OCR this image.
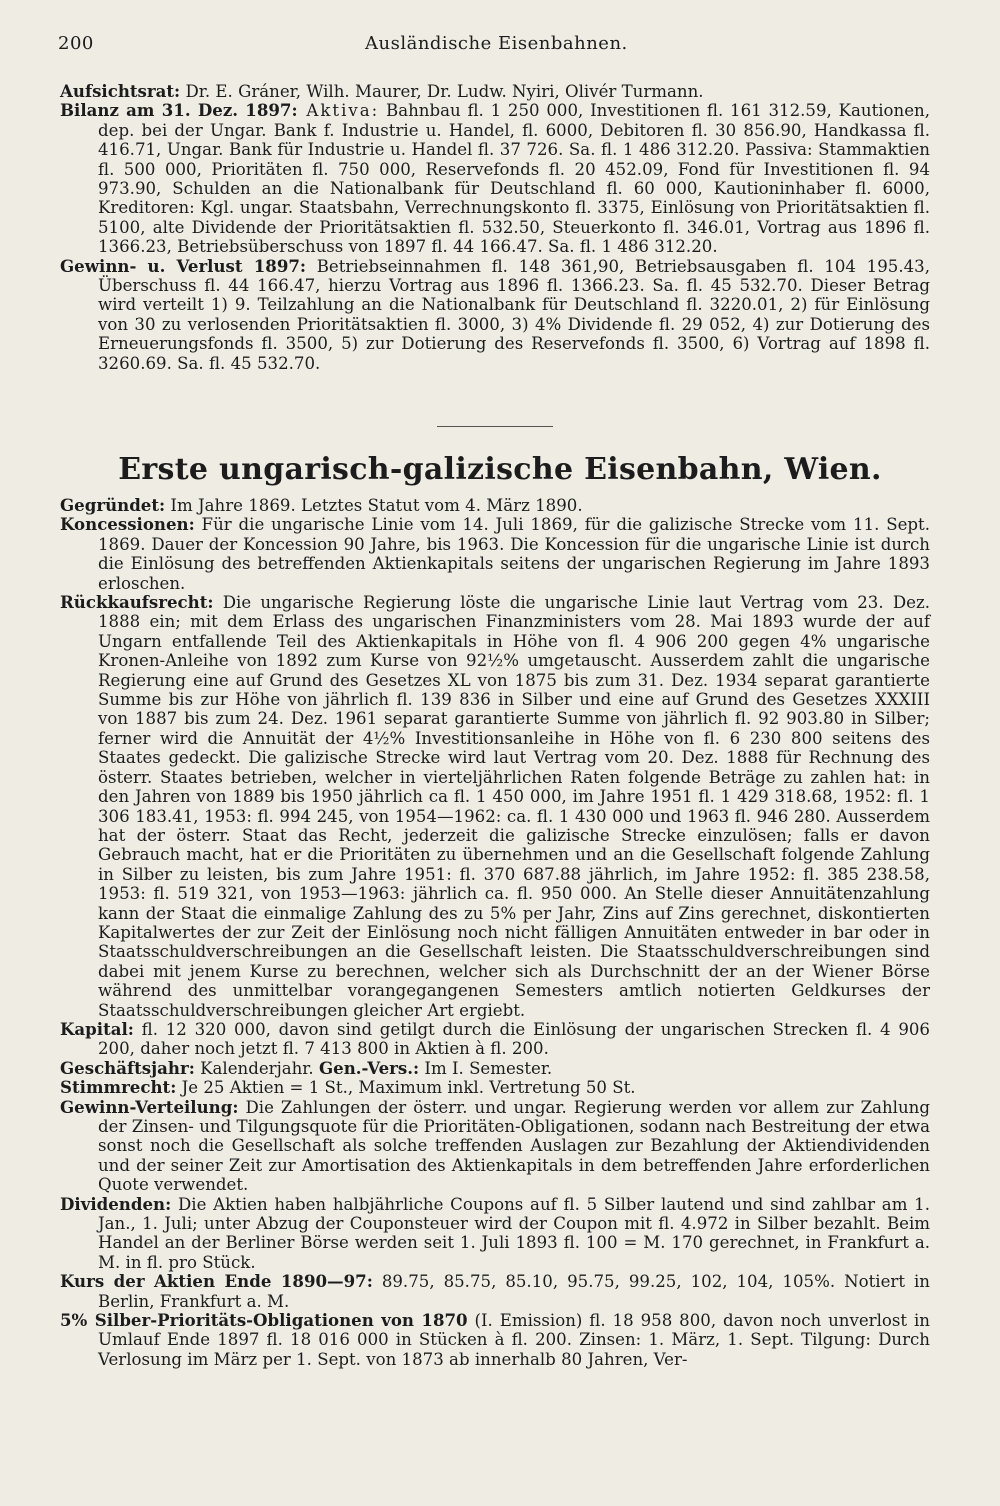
200	Ausländische Eisenbahnen.

Aufsichtsrat: Dr. E. Gráner, Wilh. Maurer, Dr. Ludw. Nyiri, Olivér Turmann.

Bilanz am 31. Dez. 1897: Aktiva: Bahnbau fl. 1 250 000, Investitionen fl. 161 312.59, Kautionen, dep. bei der Ungar. Bank f. Industrie u. Handel, fl. 6000, Debitoren fl. 30 856.90, Handkassa fl. 416.71, Ungar. Bank für Industrie u. Handel fl. 37 726. Sa. fl. 1 486 312.20. Passiva: Stammaktien fl. 500 000, Prioritäten fl. 750 000, Reservefonds fl. 20 452.09, Fond für Investitionen fl. 94 973.90, Schulden an die Nationalbank für Deutschland fl. 60 000, Kautioninhaber fl. 6000, Kreditoren: Kgl. ungar. Staatsbahn, Verrechnungskonto fl. 3375, Einlösung von Prioritätsaktien fl. 5100, alte Dividende der Prioritätsaktien fl. 532.50, Steuerkonto fl. 346.01, Vortrag aus 1896 fl. 1366.23, Betriebsüberschuss von 1897 fl. 44 166.47. Sa. fl. 1 486 312.20.

Gewinn- u. Verlust 1897: Betriebseinnahmen fl. 148 361,90, Betriebsausgaben fl. 104 195.43, Überschuss fl. 44 166.47, hierzu Vortrag aus 1896 fl. 1366.23. Sa. fl. 45 532.70. Dieser Betrag wird verteilt 1) 9. Teilzahlung an die Nationalbank für Deutschland fl. 3220.01, 2) für Einlösung von 30 zu verlosenden Prioritätsaktien fl. 3000, 3) 4% Dividende fl. 29 052, 4) zur Dotierung des Erneuerungsfonds fl. 3500, 5) zur Dotierung des Reservefonds fl. 3500, 6) Vortrag auf 1898 fl. 3260.69. Sa. fl. 45 532.70.

Erste ungarisch-galizische Eisenbahn, Wien.

Gegründet: Im Jahre 1869. Letztes Statut vom 4. März 1890.

Koncessionen: Für die ungarische Linie vom 14. Juli 1869, für die galizische Strecke vom 11. Sept. 1869. Dauer der Koncession 90 Jahre, bis 1963. Die Koncession für die ungarische Linie ist durch die Einlösung des betreffenden Aktienkapitals seitens der ungarischen Regierung im Jahre 1893 erloschen.

Rückkaufsrecht: Die ungarische Regierung löste die ungarische Linie laut Vertrag vom 23. Dez. 1888 ein; mit dem Erlass des ungarischen Finanzministers vom 28. Mai 1893 wurde der auf Ungarn entfallende Teil des Aktienkapitals in Höhe von fl. 4 906 200 gegen 4% ungarische Kronen-Anleihe von 1892 zum Kurse von 92½% umgetauscht. Ausserdem zahlt die ungarische Regierung eine auf Grund des Gesetzes XL von 1875 bis zum 31. Dez. 1934 separat garantierte Summe bis zur Höhe von jährlich fl. 139 836 in Silber und eine auf Grund des Gesetzes XXXIII von 1887 bis zum 24. Dez. 1961 separat garantierte Summe von jährlich fl. 92 903.80 in Silber; ferner wird die Annuität der 4½% Investitionsanleihe in Höhe von fl. 6 230 800 seitens des Staates gedeckt. Die galizische Strecke wird laut Vertrag vom 20. Dez. 1888 für Rechnung des österr. Staates betrieben, welcher in vierteljährlichen Raten folgende Beträge zu zahlen hat: in den Jahren von 1889 bis 1950 jährlich ca fl. 1 450 000, im Jahre 1951 fl. 1 429 318.68, 1952: fl. 1 306 183.41, 1953: fl. 994 245, von 1954—1962: ca. fl. 1 430 000 und 1963 fl. 946 280. Ausserdem hat der österr. Staat das Recht, jederzeit die galizische Strecke einzulösen; falls er davon Gebrauch macht, hat er die Prioritäten zu übernehmen und an die Gesellschaft folgende Zahlung in Silber zu leisten, bis zum Jahre 1951: fl. 370 687.88 jährlich, im Jahre 1952: fl. 385 238.58, 1953: fl. 519 321, von 1953—1963: jährlich ca. fl. 950 000. An Stelle dieser Annuitätenzahlung kann der Staat die einmalige Zahlung des zu 5% per Jahr, Zins auf Zins gerechnet, diskontierten Kapitalwertes der zur Zeit der Einlösung noch nicht fälligen Annuitäten entweder in bar oder in Staatsschuldverschreibungen an die Gesellschaft leisten. Die Staatsschuldverschreibungen sind dabei mit jenem Kurse zu berechnen, welcher sich als Durchschnitt der an der Wiener Börse während des unmittelbar vorangegangenen Semesters amtlich notierten Geldkurses der Staatsschuldverschreibungen gleicher Art ergiebt.

Kapital: fl. 12 320 000, davon sind getilgt durch die Einlösung der ungarischen Strecken fl. 4 906 200, daher noch jetzt fl. 7 413 800 in Aktien à fl. 200.

Geschäftsjahr: Kalenderjahr. Gen.-Vers.: Im I. Semester.

Stimmrecht: Je 25 Aktien = 1 St., Maximum inkl. Vertretung 50 St.

Gewinn-Verteilung: Die Zahlungen der österr. und ungar. Regierung werden vor allem zur Zahlung der Zinsen- und Tilgungsquote für die Prioritäten-Obligationen, sodann nach Bestreitung der etwa sonst noch die Gesellschaft als solche treffenden Auslagen zur Bezahlung der Aktiendividenden und der seiner Zeit zur Amortisation des Aktienkapitals in dem betreffenden Jahre erforderlichen Quote verwendet.

Dividenden: Die Aktien haben halbjährliche Coupons auf fl. 5 Silber lautend und sind zahlbar am 1. Jan., 1. Juli; unter Abzug der Couponsteuer wird der Coupon mit fl. 4.972 in Silber bezahlt. Beim Handel an der Berliner Börse werden seit 1. Juli 1893 fl. 100 = M. 170 gerechnet, in Frankfurt a. M. in fl. pro Stück.

Kurs der Aktien Ende 1890—97: 89.75, 85.75, 85.10, 95.75, 99.25, 102, 104, 105%. Notiert in Berlin, Frankfurt a. M.

5% Silber-Prioritäts-Obligationen von 1870 (I. Emission) fl. 18 958 800, davon noch unverlost in Umlauf Ende 1897 fl. 18 016 000 in Stücken à fl. 200. Zinsen: 1. März, 1. Sept. Tilgung: Durch Verlosung im März per 1. Sept. von 1873 ab innerhalb 80 Jahren, Ver-
